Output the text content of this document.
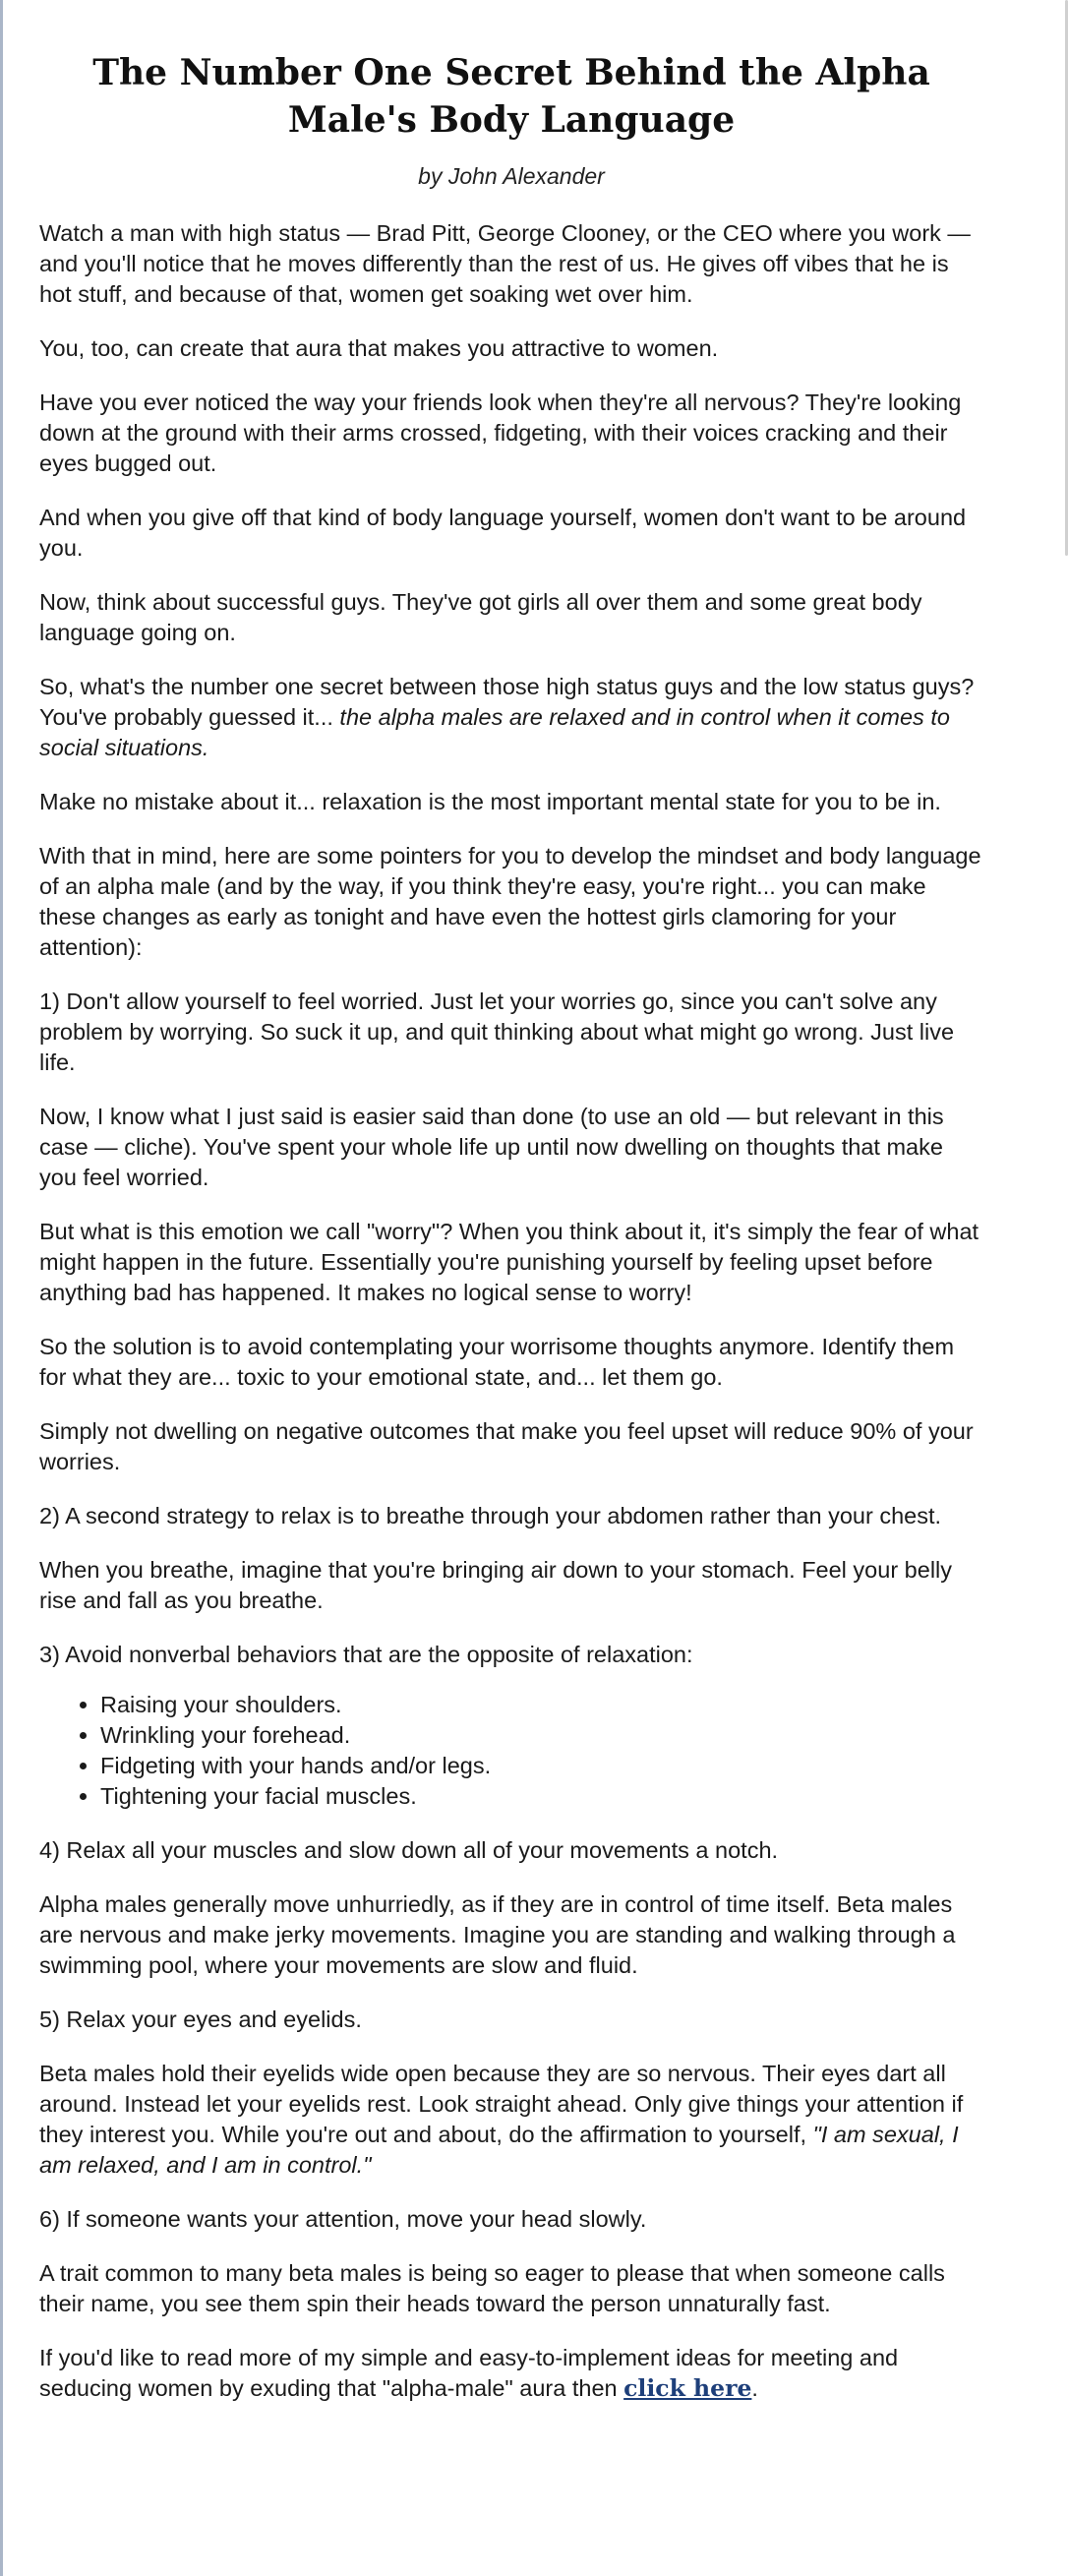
The Number One Secret Behind the Alpha Male's Body Language
by John Alexander

Watch a man with high status — Brad Pitt, George Clooney, or the CEO where you work — and you'll notice that he moves differently than the rest of us. He gives off vibes that he is hot stuff, and because of that, women get soaking wet over him.

You, too, can create that aura that makes you attractive to women.

Have you ever noticed the way your friends look when they're all nervous? They're looking down at the ground with their arms crossed, fidgeting, with their voices cracking and their eyes bugged out.

And when you give off that kind of body language yourself, women don't want to be around you.

Now, think about successful guys. They've got girls all over them and some great body language going on.

So, what's the number one secret between those high status guys and the low status guys? You've probably guessed it... the alpha males are relaxed and in control when it comes to social situations.

Make no mistake about it... relaxation is the most important mental state for you to be in.

With that in mind, here are some pointers for you to develop the mindset and body language of an alpha male (and by the way, if you think they're easy, you're right... you can make these changes as early as tonight and have even the hottest girls clamoring for your attention):

1) Don't allow yourself to feel worried. Just let your worries go, since you can't solve any problem by worrying. So suck it up, and quit thinking about what might go wrong. Just live life.

Now, I know what I just said is easier said than done (to use an old — but relevant in this case — cliche). You've spent your whole life up until now dwelling on thoughts that make you feel worried.

But what is this emotion we call "worry"? When you think about it, it's simply the fear of what might happen in the future. Essentially you're punishing yourself by feeling upset before anything bad has happened. It makes no logical sense to worry!

So the solution is to avoid contemplating your worrisome thoughts anymore. Identify them for what they are... toxic to your emotional state, and... let them go.

Simply not dwelling on negative outcomes that make you feel upset will reduce 90% of your worries.

2) A second strategy to relax is to breathe through your abdomen rather than your chest.

When you breathe, imagine that you're bringing air down to your stomach. Feel your belly rise and fall as you breathe.

3) Avoid nonverbal behaviors that are the opposite of relaxation:

• Raising your shoulders.
• Wrinkling your forehead.
• Fidgeting with your hands and/or legs.
• Tightening your facial muscles.

4) Relax all your muscles and slow down all of your movements a notch.

Alpha males generally move unhurriedly, as if they are in control of time itself. Beta males are nervous and make jerky movements. Imagine you are standing and walking through a swimming pool, where your movements are slow and fluid.

5) Relax your eyes and eyelids.

Beta males hold their eyelids wide open because they are so nervous. Their eyes dart all around. Instead let your eyelids rest. Look straight ahead. Only give things your attention if they interest you. While you're out and about, do the affirmation to yourself, "I am sexual, I am relaxed, and I am in control."

6) If someone wants your attention, move your head slowly.

A trait common to many beta males is being so eager to please that when someone calls their name, you see them spin their heads toward the person unnaturally fast.

If you'd like to read more of my simple and easy-to-implement ideas for meeting and seducing women by exuding that "alpha-male" aura then click here.
